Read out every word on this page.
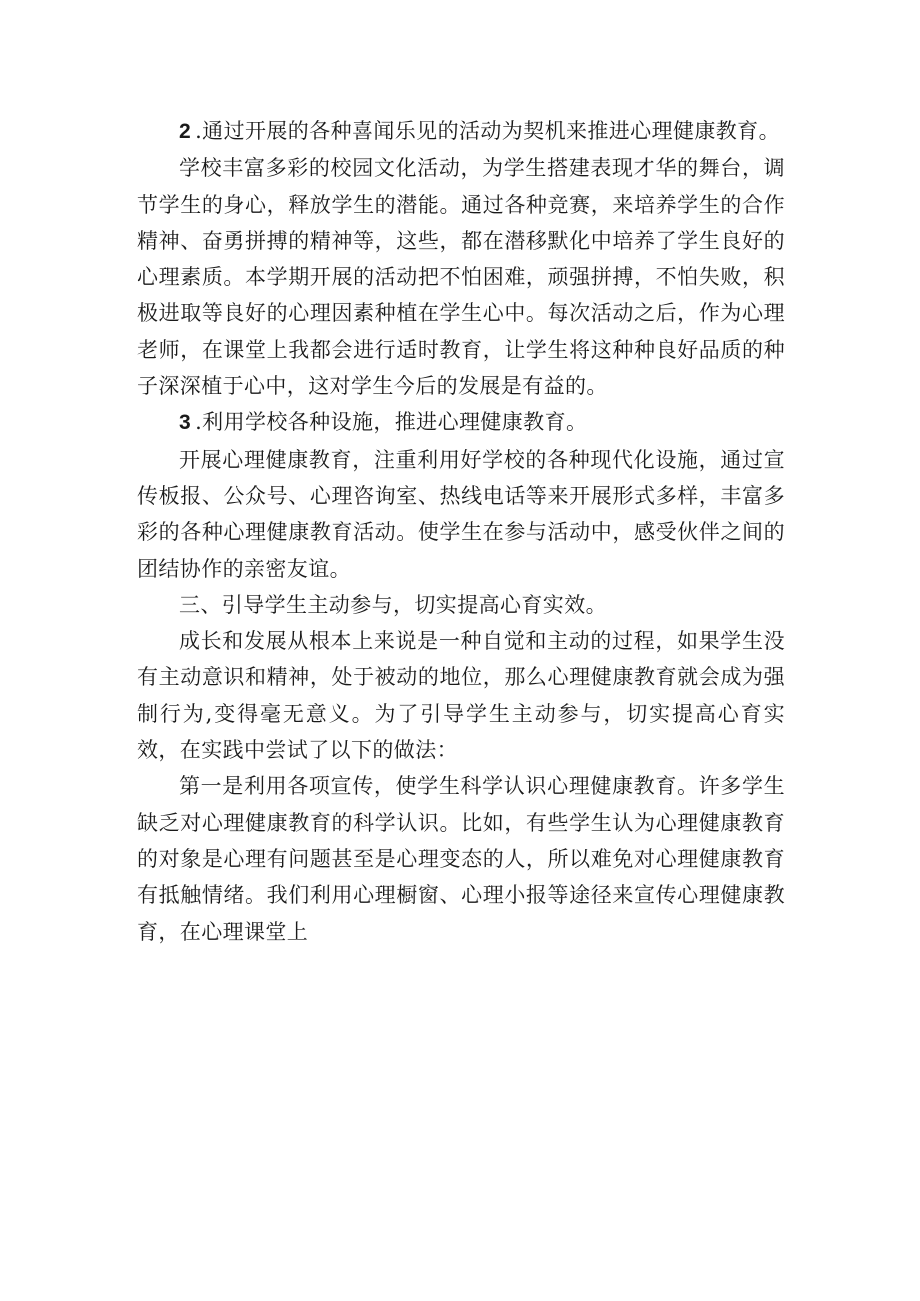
2 .通过开展的各种喜闻乐见的活动为契机来推进心理健康教育。

学校丰富多彩的校园文化活动，为学生搭建表现才华的舞台，调节学生的身心，释放学生的潜能。通过各种竞赛，来培养学生的合作精神、奋勇拼搏的精神等，这些，都在潜移默化中培养了学生良好的心理素质。本学期开展的活动把不怕困难，顽强拼搏，不怕失败，积极进取等良好的心理因素种植在学生心中。每次活动之后，作为心理老师，在课堂上我都会进行适时教育，让学生将这种种良好品质的种子深深植于心中，这对学生今后的发展是有益的。

3 .利用学校各种设施，推进心理健康教育。

开展心理健康教育，注重利用好学校的各种现代化设施，通过宣传板报、公众号、心理咨询室、热线电话等来开展形式多样，丰富多彩的各种心理健康教育活动。使学生在参与活动中，感受伙伴之间的团结协作的亲密友谊。

三、引导学生主动参与，切实提高心育实效。

成长和发展从根本上来说是一种自觉和主动的过程，如果学生没有主动意识和精神，处于被动的地位，那么心理健康教育就会成为强制行为,变得毫无意义。为了引导学生主动参与，切实提高心育实效，在实践中尝试了以下的做法：

第一是利用各项宣传，使学生科学认识心理健康教育。许多学生缺乏对心理健康教育的科学认识。比如，有些学生认为心理健康教育的对象是心理有问题甚至是心理变态的人，所以难免对心理健康教育有抵触情绪。我们利用心理橱窗、心理小报等途径来宣传心理健康教育，在心理课堂上
